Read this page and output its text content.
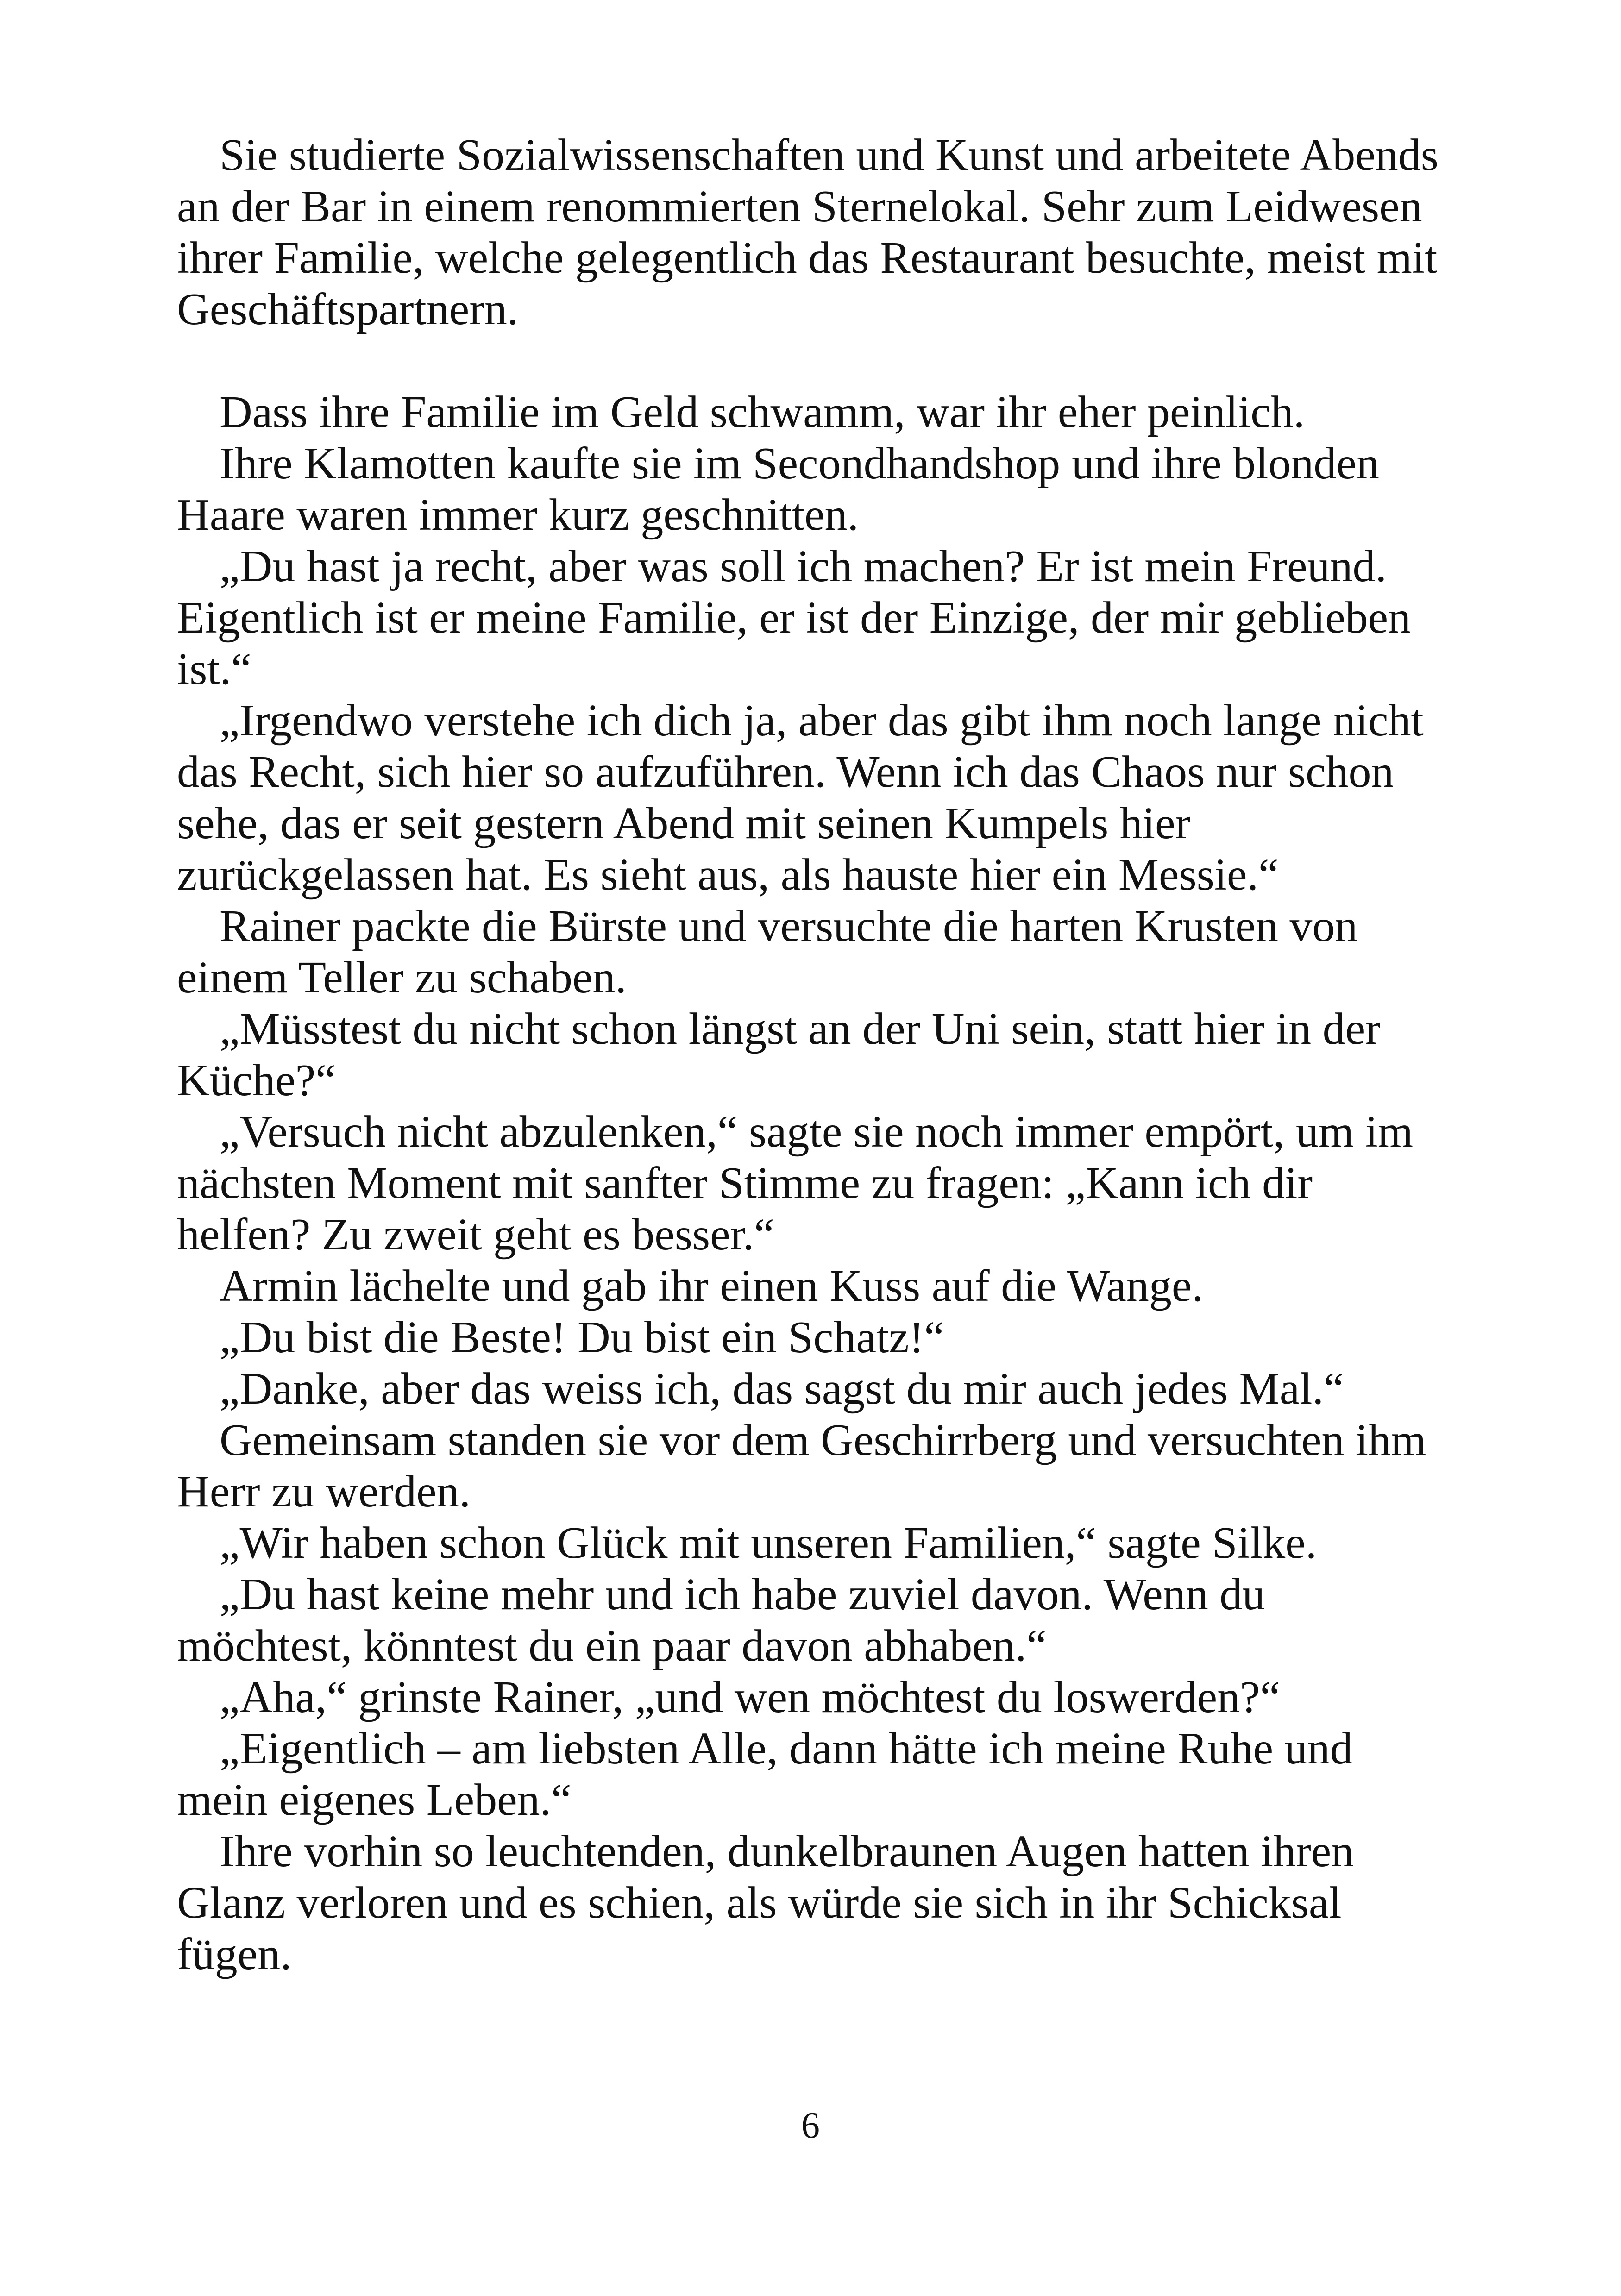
Sie studierte Sozialwissenschaften und Kunst und arbeitete Abends an der Bar in einem renommierten Sternelokal. Sehr zum Leidwesen ihrer Familie, welche gelegentlich das Restaurant besuchte, meist mit Geschäftspartnern.

Dass ihre Familie im Geld schwamm, war ihr eher peinlich.

Ihre Klamotten kaufte sie im Secondhandshop und ihre blonden Haare waren immer kurz geschnitten.

„Du hast ja recht, aber was soll ich machen? Er ist mein Freund. Eigentlich ist er meine Familie, er ist der Einzige, der mir geblieben ist.“

„Irgendwo verstehe ich dich ja, aber das gibt ihm noch lange nicht das Recht, sich hier so aufzuführen. Wenn ich das Chaos nur schon sehe, das er seit gestern Abend mit seinen Kumpels hier zurückgelassen hat. Es sieht aus, als hauste hier ein Messie.“

Rainer packte die Bürste und versuchte die harten Krusten von einem Teller zu schaben.

„Müsstest du nicht schon längst an der Uni sein, statt hier in der Küche?“

„Versuch nicht abzulenken,“ sagte sie noch immer empört, um im nächsten Moment mit sanfter Stimme zu fragen: „Kann ich dir helfen? Zu zweit geht es besser.“

Armin lächelte und gab ihr einen Kuss auf die Wange.

„Du bist die Beste! Du bist ein Schatz!“

„Danke, aber das weiss ich, das sagst du mir auch jedes Mal.“

Gemeinsam standen sie vor dem Geschirrberg und versuchten ihm Herr zu werden.

„Wir haben schon Glück mit unseren Familien,“ sagte Silke.

„Du hast keine mehr und ich habe zuviel davon. Wenn du möchtest, könntest du ein paar davon abhaben.“

„Aha,“ grinste Rainer, „und wen möchtest du loswerden?“

„Eigentlich – am liebsten Alle, dann hätte ich meine Ruhe und mein eigenes Leben.“

Ihre vorhin so leuchtenden, dunkelbraunen Augen hatten ihren Glanz verloren und es schien, als würde sie sich in ihr Schicksal fügen.

6
